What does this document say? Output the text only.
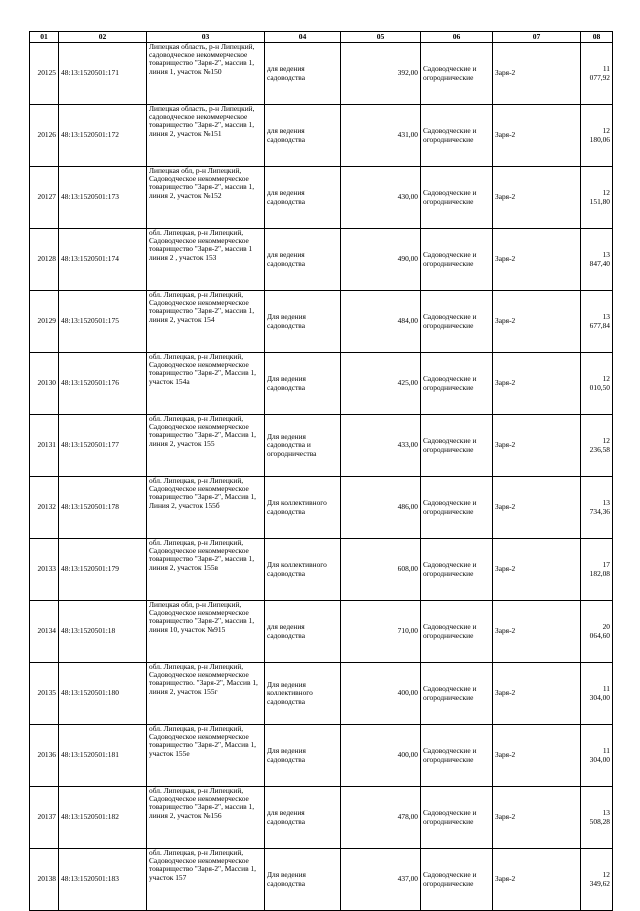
01	02	03	04	05	06	07	08
20125	48:13:1520501:171	Липецкая область, р-н Липецкий, садоводческое некоммерческое товарищество "Заря-2", массив 1, линия 1, участок №150	для ведения садоводства	392,00	Садоводческие и огороднические	Заря-2	11 077,92
20126	48:13:1520501:172	Липецкая область, р-н Липецкий, садоводческое некоммерческое товарищество "Заря-2", массив 1, линия 2, участок №151	для ведения садоводства	431,00	Садоводческие и огороднические	Заря-2	12 180,06
20127	48:13:1520501:173	Липецкая обл, р-н Липецкий, Садоводческое некоммерческое товарищество "Заря-2", массив 1, линия 2, участок №152	для ведения садоводства	430,00	Садоводческие и огороднические	Заря-2	12 151,80
20128	48:13:1520501:174	обл. Липецкая, р-н Липецкий, Садоводческое некоммерческое товарищество "Заря-2", массив 1 линия 2 , участок 153	для ведения садоводства	490,00	Садоводческие и огороднические	Заря-2	13 847,40
20129	48:13:1520501:175	обл. Липецкая, р-н Липецкий, Садоводческое некоммерческое товарищество "Заря-2", массив 1, линия 2, участок 154	Для ведения садоводства	484,00	Садоводческие и огороднические	Заря-2	13 677,84
20130	48:13:1520501:176	обл. Липецкая, р-н Липецкий, Садоводческое некоммерческое товарищество "Заря-2", Массив 1, участок 154а	Для ведения садоводства	425,00	Садоводческие и огороднические	Заря-2	12 010,50
20131	48:13:1520501:177	обл. Липецкая, р-н Липецкий, Садоводческое некоммерческое товарищество "Заря-2", Массив 1, линия 2, участок 155	Для ведения садоводства и огородничества	433,00	Садоводческие и огороднические	Заря-2	12 236,58
20132	48:13:1520501:178	обл. Липецкая, р-н Липецкий, Садоводческое некоммерческое товарищество "Заря-2", Массив 1, Линия 2, участок 155б	Для коллективного садоводства	486,00	Садоводческие и огороднические	Заря-2	13 734,36
20133	48:13:1520501:179	обл. Липецкая, р-н Липецкий, Садоводческое некоммерческое товарищество "Заря-2", массив 1, линия 2, участок 155в	Для коллективного садоводства	608,00	Садоводческие и огороднические	Заря-2	17 182,08
20134	48:13:1520501:18	Липецкая обл, р-н Липецкий, Садоводческое некоммерческое товарищество "Заря-2", массив 1, линия 10, участок №915	для ведения садоводства	710,00	Садоводческие и огороднические	Заря-2	20 064,60
20135	48:13:1520501:180	обл. Липецкая, р-н Липецкий, Садоводческое некоммерческое товарищество. "Заря-2", Массив 1, линия 2, участок 155г	Для ведения коллективного садоводства	400,00	Садоводческие и огороднические	Заря-2	11 304,00
20136	48:13:1520501:181	обл. Липецкая, р-н Липецкий, Садоводческое некоммерческое товарищество "Заря-2", Массив 1, участок 155е	Для ведения садоводства	400,00	Садоводческие и огороднические	Заря-2	11 304,00
20137	48:13:1520501:182	обл. Липецкая, р-н Липецкий, Садоводческое некоммерческое товарищество "Заря-2", массив 1, линия 2, участок №156	для ведения садоводства	478,00	Садоводческие и огороднические	Заря-2	13 508,28
20138	48:13:1520501:183	обл. Липецкая, р-н Липецкий, Садоводческое некоммерческое товарищество "Заря-2", Массив 1, участок 157	Для ведения садоводства	437,00	Садоводческие и огороднические	Заря-2	12 349,62
